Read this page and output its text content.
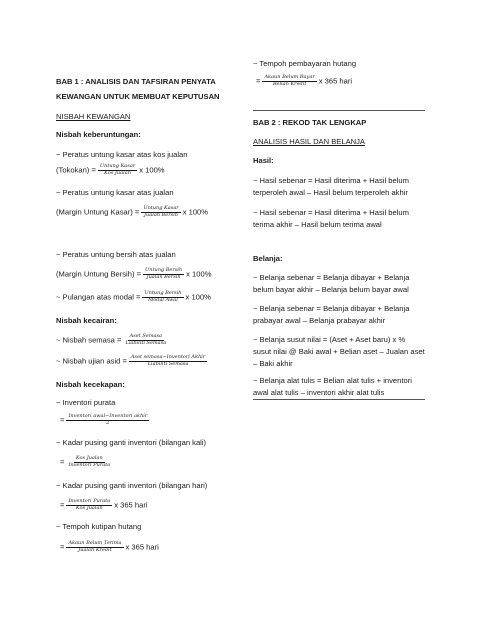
BAB 1 : ANALISIS DAN TAFSIRAN PENYATA
KEWANGAN UNTUK MEMBUAT KEPUTUSAN
NISBAH KEWANGAN
Nisbah keberuntungan:
~ Peratus untung kasar atas kos jualan
(Tokokan) = $\frac{\text{Untung Kasar}}{\text{Kos Jualan}}$ x 100%
~ Peratus untung kasar atas jualan
(Margin Untung Kasar) = $\frac{\text{Untung Kasar}}{\text{Jualan Bersih}}$ x 100%
~ Peratus untung bersih atas jualan
(Margin Untung Bersih) = $\frac{\text{Untung Bersih}}{\text{Jualan Bersih}}$ x 100%
~ Pulangan atas modal = $\frac{\text{Untung Bersih}}{\text{Modal Awal}}$ x 100%
Nisbah kecairan:
~ Nisbah semasa = $\frac{\text{Aset Semasa}}{\text{Liabiliti Semasa}}$
~ Nisbah ujian asid = $\frac{\text{Aset semasa−Inventori Akhir}}{\text{Liabiliti Semasa}}$
Nisbah kecekapan:
~ Inventori purata
= $\frac{\text{Inventori awal−Inventori akhir}}{2}$
~ Kadar pusing ganti inventori (bilangan kali)
= $\frac{\text{Kos Jualan}}{\text{Inventori Purata}}$
~ Kadar pusing ganti inventori (bilangan hari)
= $\frac{\text{Inventori Purata}}{\text{Kos Jualan}}$ x 365 hari
~ Tempoh kutipan hutang
= $\frac{\text{Akaun Belum Terima}}{\text{Jualan Kredit}}$ x 365 hari
~ Tempoh pembayaran hutang
= $\frac{\text{Akaun Belum Bayar}}{\text{Belian Kredit}}$ x 365 hari
BAB 2 : REKOD TAK LENGKAP
ANALISIS HASIL DAN BELANJA
Hasil:
~ Hasil sebenar = Hasil diterima + Hasil belum terperoleh awal – Hasil belum terperoleh akhir
~ Hasil sebenar = Hasil diterima + Hasil belum terima akhir – Hasil belum terima awal
Belanja:
~ Belanja sebenar = Belanja dibayar + Belanja belum bayar akhir – Belanja belum bayar awal
~ Belanja sebenar = Belanja dibayar + Belanja prabayar awal – Belanja prabayar akhir
~ Belanja susut nilai = (Aset + Aset baru) x % susut nilai @ Baki awal + Belian aset – Jualan aset – Baki akhir
~ Belanja alat tulis = Belian alat tulis + inventori awal alat tulis – inventori akhir alat tulis
